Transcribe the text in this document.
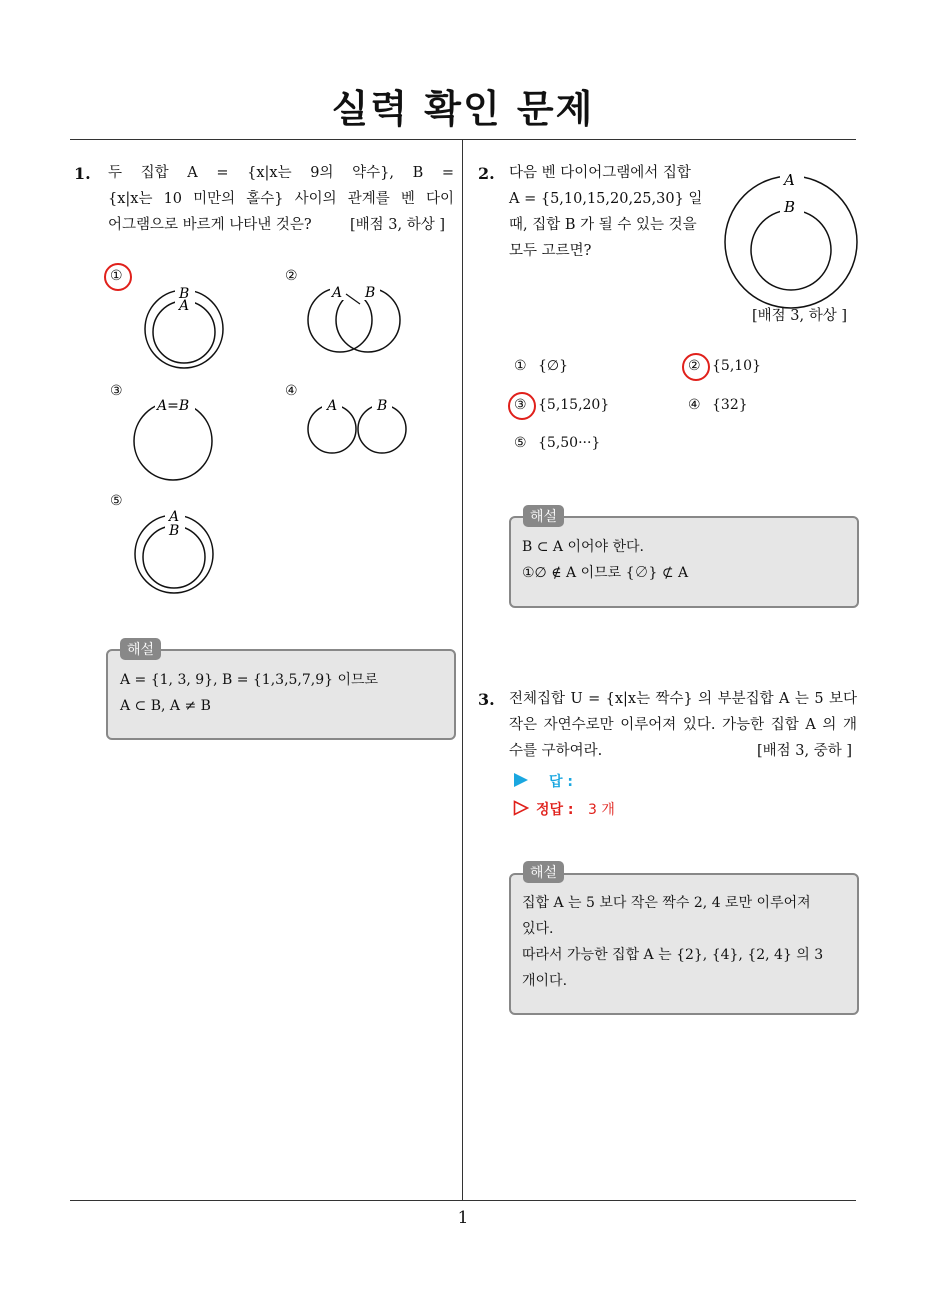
실력 확인 문제
1
1. 두 집합 A = {x|x는 9의 약수}, B =
{x|x는 10 미만의 홀수} 사이의 관계를 벤 다이
어그램으로 바르게 나타낸 것은?	[배점 3, 하상 ]
①
B
A
②
A B
③
A=B
④
A	B
⑤
A
B
해설
A = {1, 3, 9}, B = {1,3,5,7,9} 이므로
A ⊂ B, A ≠ B
2. 다음 벤 다이어그램에서 집합
A = {5,10,15,20,25,30} 일
때, 집합 B 가 될 수 있는 것을
모두 고르면?
A
B
[배점 3, 하상 ]
① {∅}	② {5,10}
③ {5,15,20}	④ {32}
⑤ {5,50···}
해설
B ⊂ A 이어야 한다.
①∅ ∉ A 이므로 {∅} ⊄ A
3. 전체집합 U = {x|x는 짝수} 의 부분집합 A 는 5 보다
작은 자연수로만 이루어져 있다. 가능한 집합 A 의 개
수를 구하여라.	[배점 3, 중하 ]
답 :
정답 : 3 개
해설
집합 A 는 5 보다 작은 짝수 2, 4 로만 이루어져
있다.
따라서 가능한 집합 A 는 {2}, {4}, {2, 4} 의 3
개이다.
